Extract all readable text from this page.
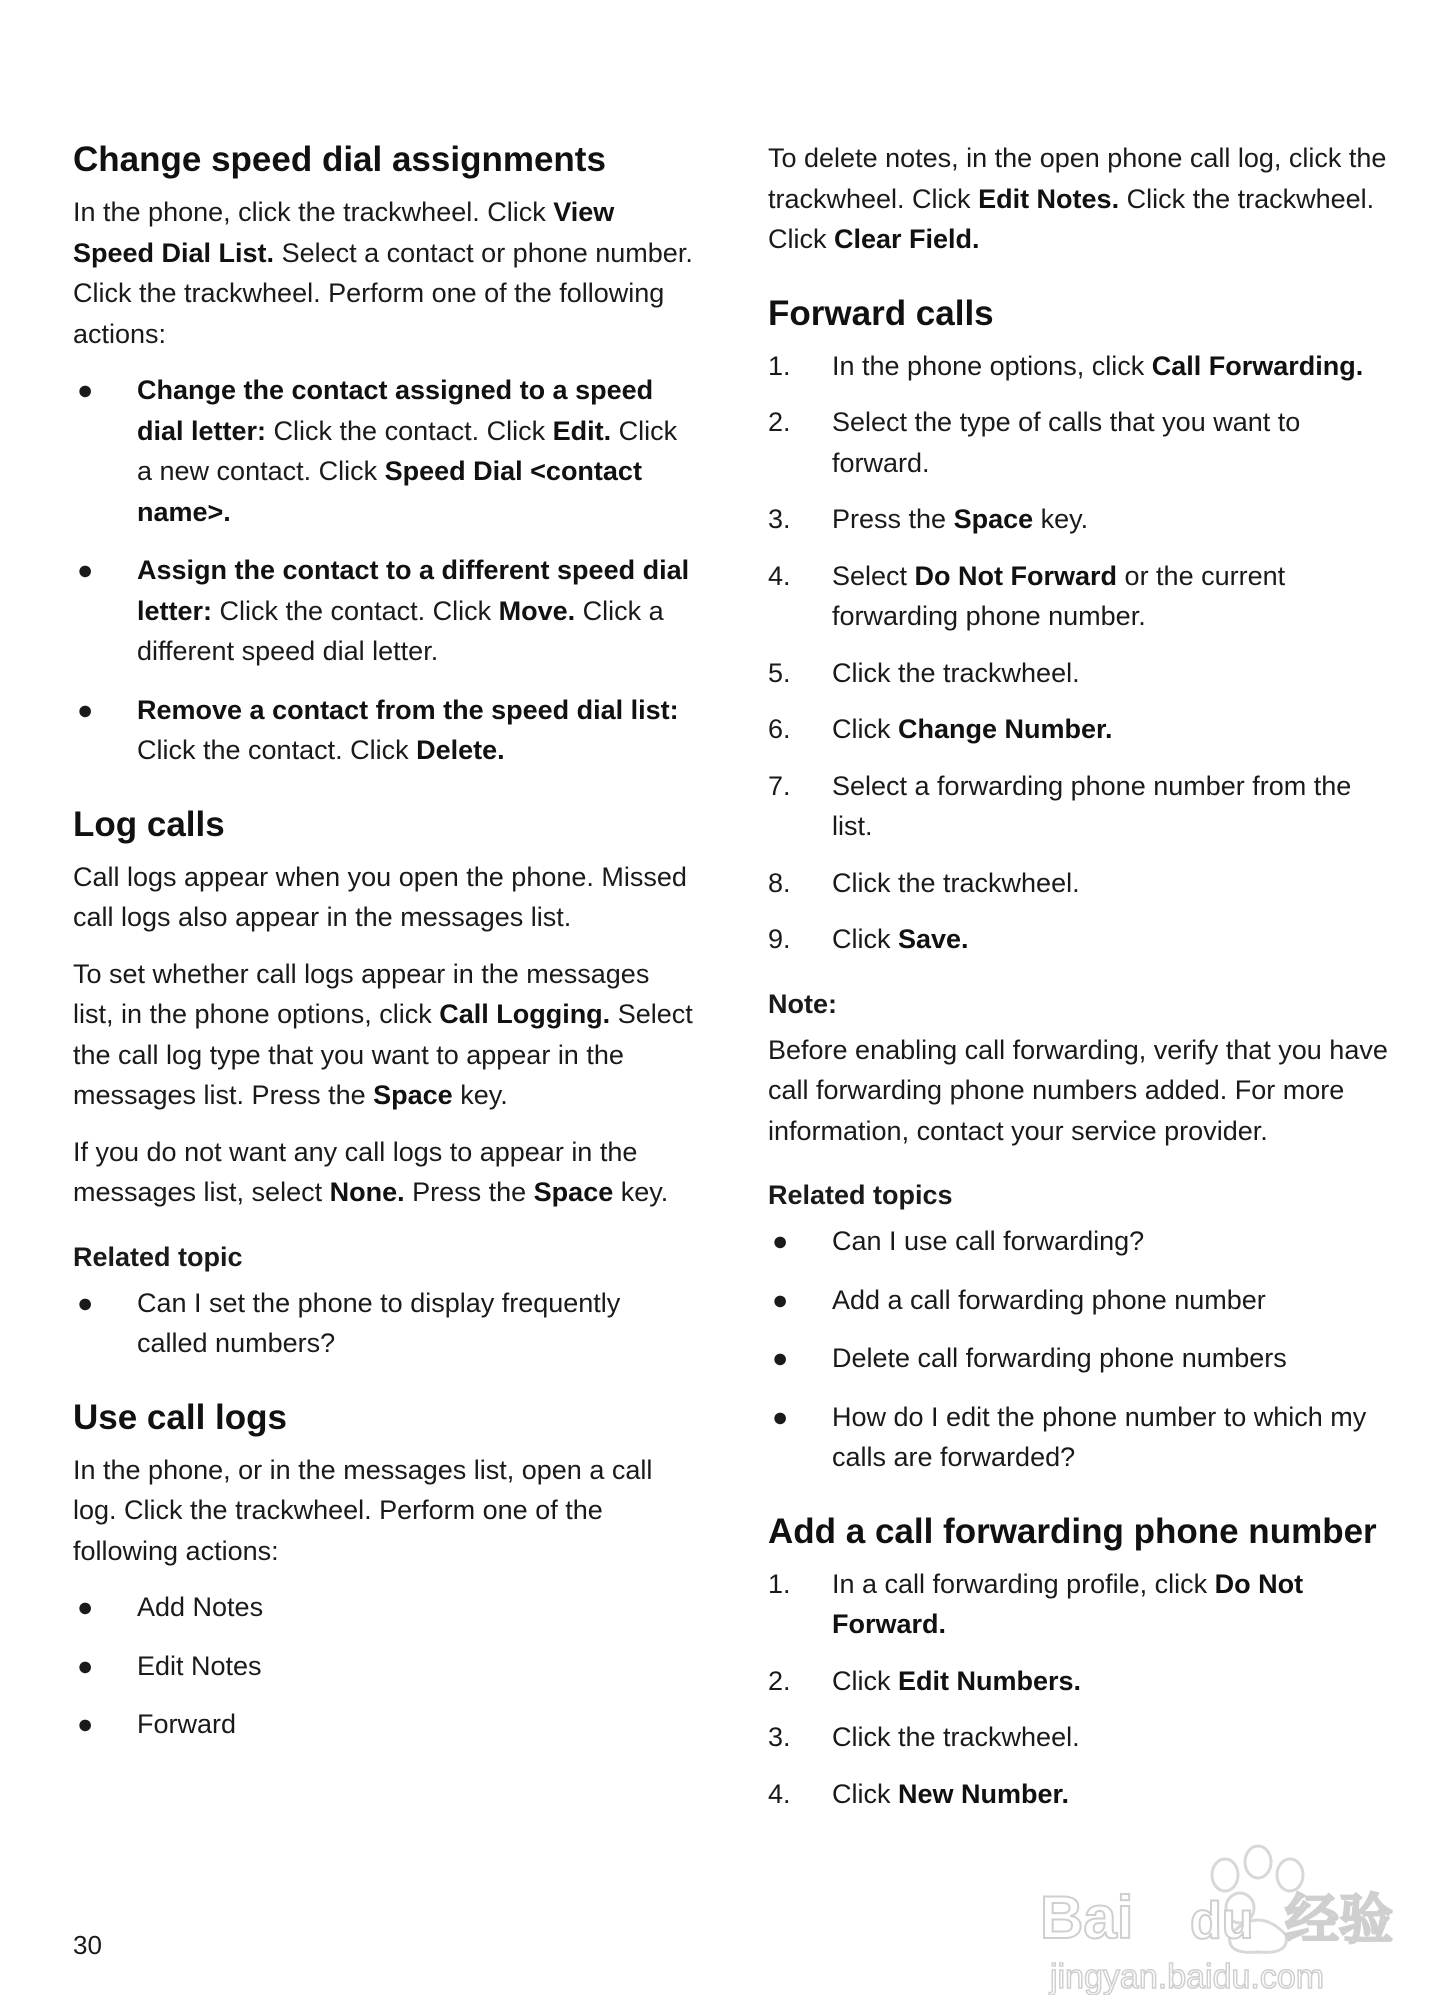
Change speed dial assignments

In the phone, click the trackwheel. Click View Speed Dial List. Select a contact or phone number. Click the trackwheel. Perform one of the following actions:

● Change the contact assigned to a speed dial letter: Click the contact. Click Edit. Click a new contact. Click Speed Dial <contact name>.
● Assign the contact to a different speed dial letter: Click the contact. Click Move. Click a different speed dial letter.
● Remove a contact from the speed dial list: Click the contact. Click Delete.
Log calls

Call logs appear when you open the phone. Missed call logs also appear in the messages list.

To set whether call logs appear in the messages list, in the phone options, click Call Logging. Select the call log type that you want to appear in the messages list. Press the Space key.

If you do not want any call logs to appear in the messages list, select None. Press the Space key.

Related topic
● Can I set the phone to display frequently called numbers?
Use call logs

In the phone, or in the messages list, open a call log. Click the trackwheel. Perform one of the following actions:

● Add Notes
● Edit Notes
● Forward

To delete notes, in the open phone call log, click the trackwheel. Click Edit Notes. Click the trackwheel. Click Clear Field.

Forward calls
1. In the phone options, click Call Forwarding.
2. Select the type of calls that you want to forward.
3. Press the Space key.
4. Select Do Not Forward or the current forwarding phone number.
5. Click the trackwheel.
6. Click Change Number.
7. Select a forwarding phone number from the list.
8. Click the trackwheel.
9. Click Save.
Note:

Before enabling call forwarding, verify that you have call forwarding phone numbers added. For more information, contact your service provider.

Related topics
● Can I use call forwarding?
● Add a call forwarding phone number
● Delete call forwarding phone numbers
● How do I edit the phone number to which my calls are forwarded?
Add a call forwarding phone number
1. In a call forwarding profile, click Do Not Forward.
2. Click Edit Numbers.
3. Click the trackwheel.
4. Click New Number.
30	Bai du 经验
jingyan.baidu.com
